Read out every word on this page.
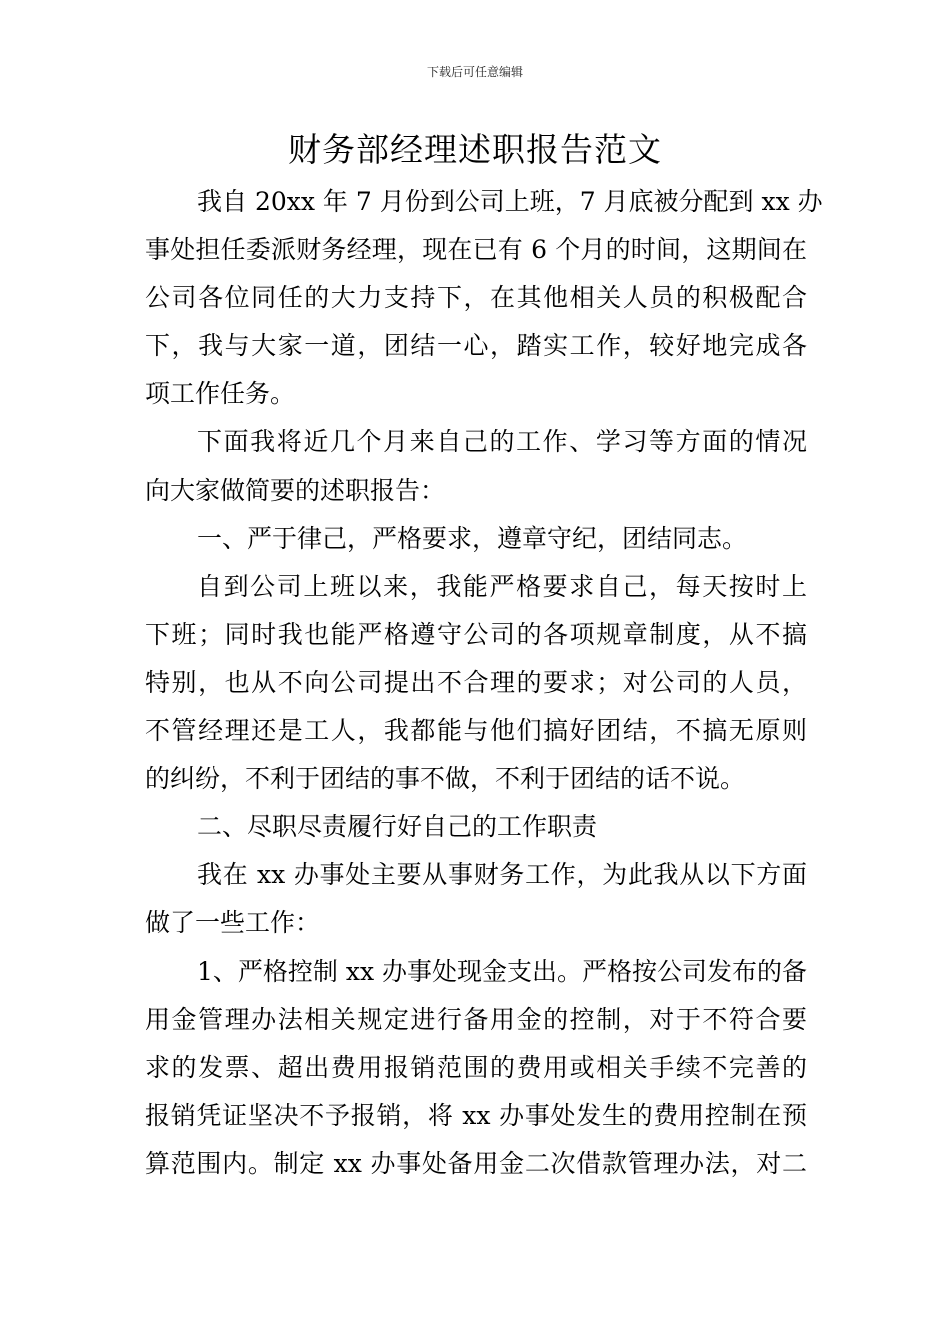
下载后可任意编辑
财务部经理述职报告范文
我自 20xx 年 7 月份到公司上班，7 月底被分配到 xx 办
事处担任委派财务经理，现在已有 6 个月的时间，这期间在
公司各位同任的大力支持下，在其他相关人员的积极配合
下，我与大家一道，团结一心，踏实工作，较好地完成各
项工作任务。
下面我将近几个月来自己的工作、学习等方面的情况
向大家做简要的述职报告：
一、严于律己，严格要求，遵章守纪，团结同志。
自到公司上班以来，我能严格要求自己，每天按时上
下班；同时我也能严格遵守公司的各项规章制度，从不搞
特别，也从不向公司提出不合理的要求；对公司的人员，
不管经理还是工人，我都能与他们搞好团结，不搞无原则
的纠纷，不利于团结的事不做，不利于团结的话不说。
二、尽职尽责履行好自己的工作职责
我在 xx 办事处主要从事财务工作，为此我从以下方面
做了一些工作：
1、严格控制 xx 办事处现金支出。严格按公司发布的备
用金管理办法相关规定进行备用金的控制，对于不符合要
求的发票、超出费用报销范围的费用或相关手续不完善的
报销凭证坚决不予报销，将 xx 办事处发生的费用控制在预
算范围内。制定 xx 办事处备用金二次借款管理办法，对二
